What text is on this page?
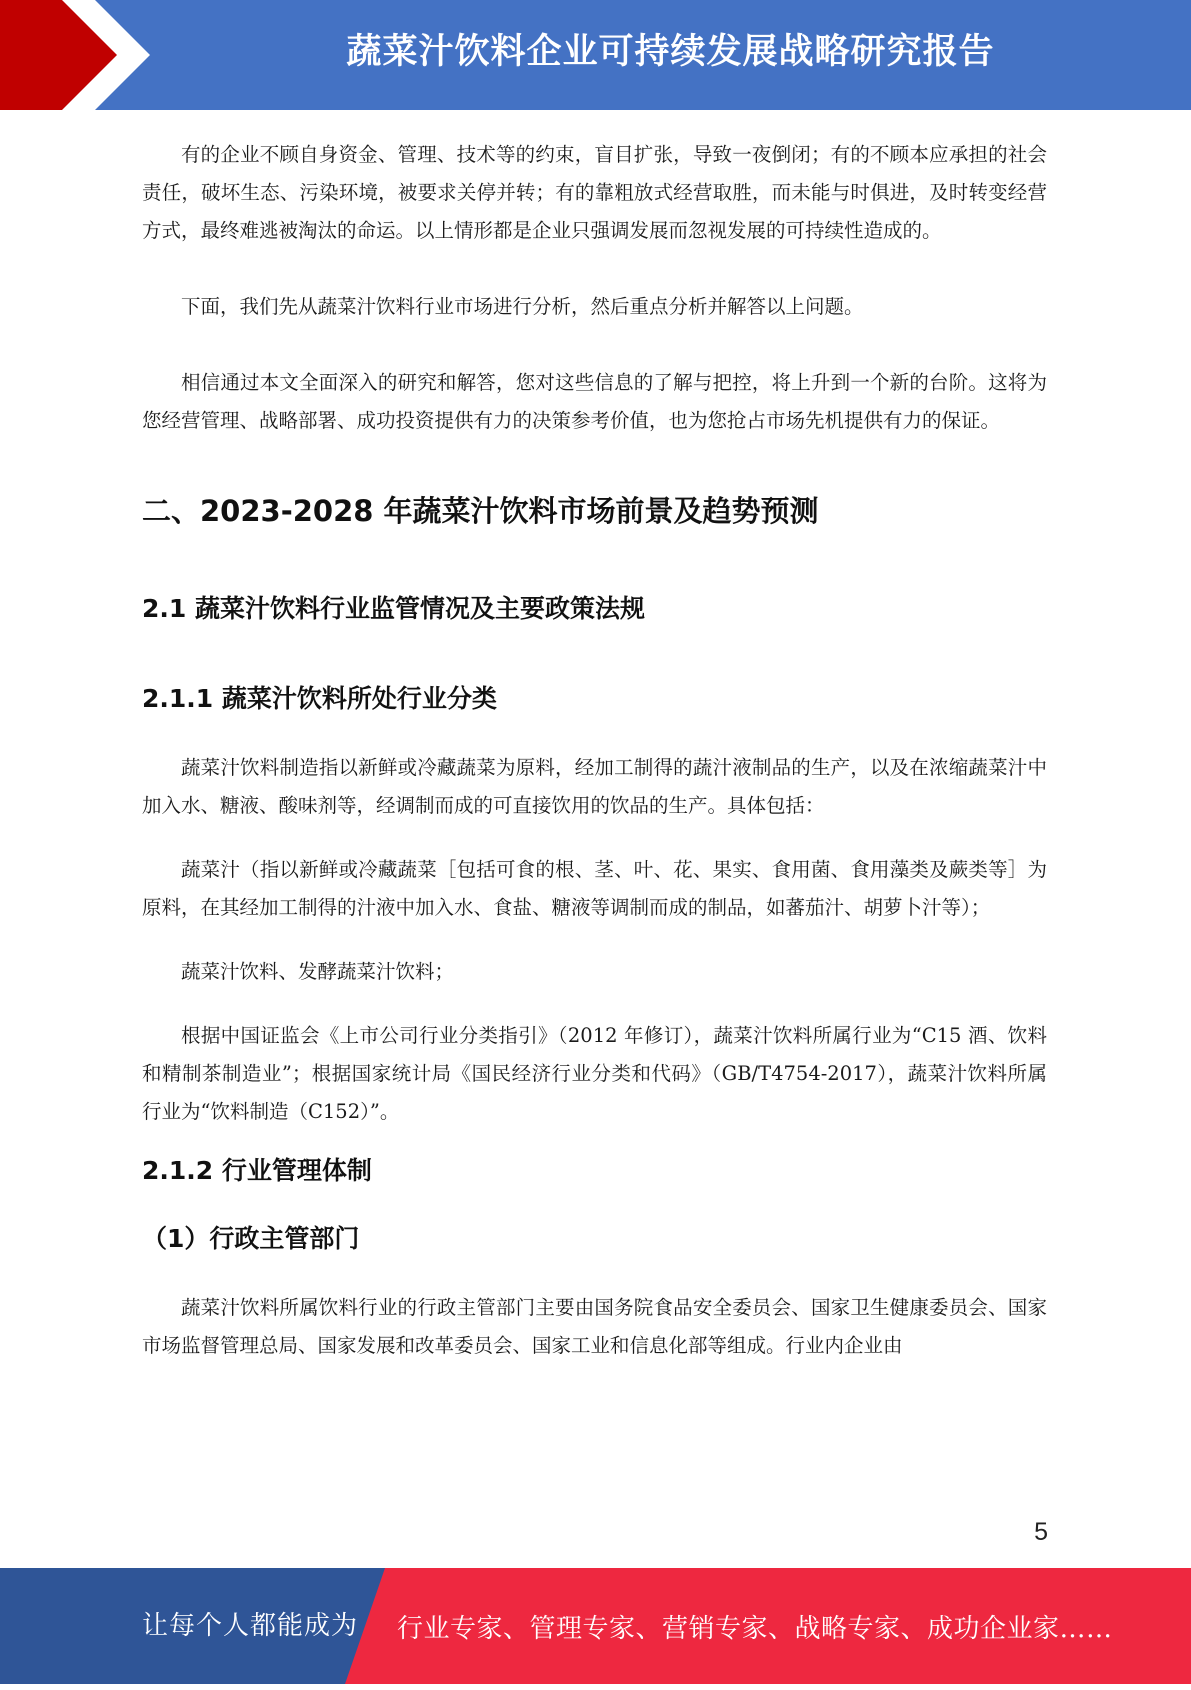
蔬菜汁饮料企业可持续发展战略研究报告

有的企业不顾自身资金、管理、技术等的约束，盲目扩张，导致一夜倒闭；有的不顾本应承担的社会责任，破坏生态、污染环境，被要求关停并转；有的靠粗放式经营取胜，而未能与时俱进，及时转变经营方式，最终难逃被淘汰的命运。以上情形都是企业只强调发展而忽视发展的可持续性造成的。

下面，我们先从蔬菜汁饮料行业市场进行分析，然后重点分析并解答以上问题。

相信通过本文全面深入的研究和解答，您对这些信息的了解与把控，将上升到一个新的台阶。这将为您经营管理、战略部署、成功投资提供有力的决策参考价值，也为您抢占市场先机提供有力的保证。

二、2023-2028 年蔬菜汁饮料市场前景及趋势预测
2.1 蔬菜汁饮料行业监管情况及主要政策法规
2.1.1 蔬菜汁饮料所处行业分类

蔬菜汁饮料制造指以新鲜或冷藏蔬菜为原料，经加工制得的蔬汁液制品的生产，以及在浓缩蔬菜汁中加入水、糖液、酸味剂等，经调制而成的可直接饮用的饮品的生产。具体包括：

蔬菜汁（指以新鲜或冷藏蔬菜［包括可食的根、茎、叶、花、果实、食用菌、食用藻类及蕨类等］为原料，在其经加工制得的汁液中加入水、食盐、糖液等调制而成的制品，如蕃茄汁、胡萝卜汁等）；

蔬菜汁饮料、发酵蔬菜汁饮料；

根据中国证监会《上市公司行业分类指引》（2012 年修订），蔬菜汁饮料所属行业为“C15 酒、饮料和精制茶制造业”；根据国家统计局《国民经济行业分类和代码》（GB/T4754-2017），蔬菜汁饮料所属行业为“饮料制造（C152）”。

2.1.2 行业管理体制
（1）行政主管部门

蔬菜汁饮料所属饮料行业的行政主管部门主要由国务院食品安全委员会、国家卫生健康委员会、国家市场监督管理总局、国家发展和改革委员会、国家工业和信息化部等组成。行业内企业由

5
让每个人都能成为 行业专家、管理专家、营销专家、战略专家、成功企业家……
